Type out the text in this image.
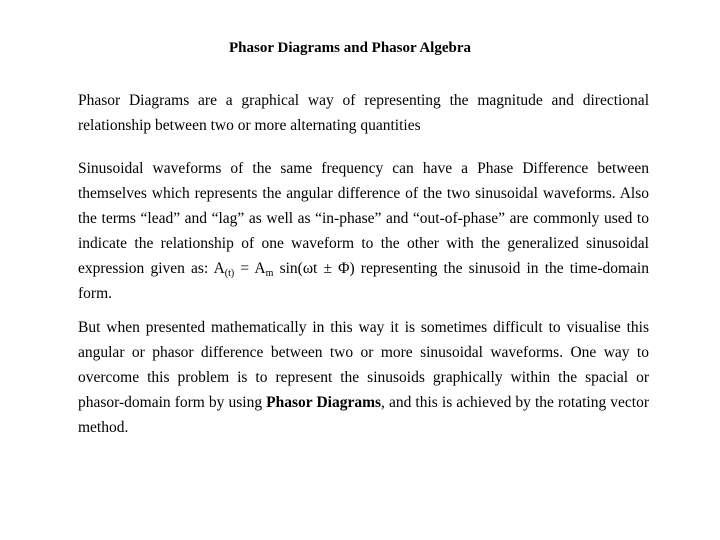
Phasor Diagrams and Phasor Algebra

Phasor Diagrams are a graphical way of representing the magnitude and directional relationship between two or more alternating quantities

Sinusoidal waveforms of the same frequency can have a Phase Difference between themselves which represents the angular difference of the two sinusoidal waveforms. Also the terms “lead” and “lag” as well as “in-phase” and “out-of-phase” are commonly used to indicate the relationship of one waveform to the other with the generalized sinusoidal expression given as: $A_{(t)} = A_m$ sin(ωt ± Φ) representing the sinusoid in the time-domain form.

But when presented mathematically in this way it is sometimes difficult to visualise this angular or phasor difference between two or more sinusoidal waveforms. One way to overcome this problem is to represent the sinusoids graphically within the spacial or phasor-domain form by using Phasor Diagrams, and this is achieved by the rotating vector method.
